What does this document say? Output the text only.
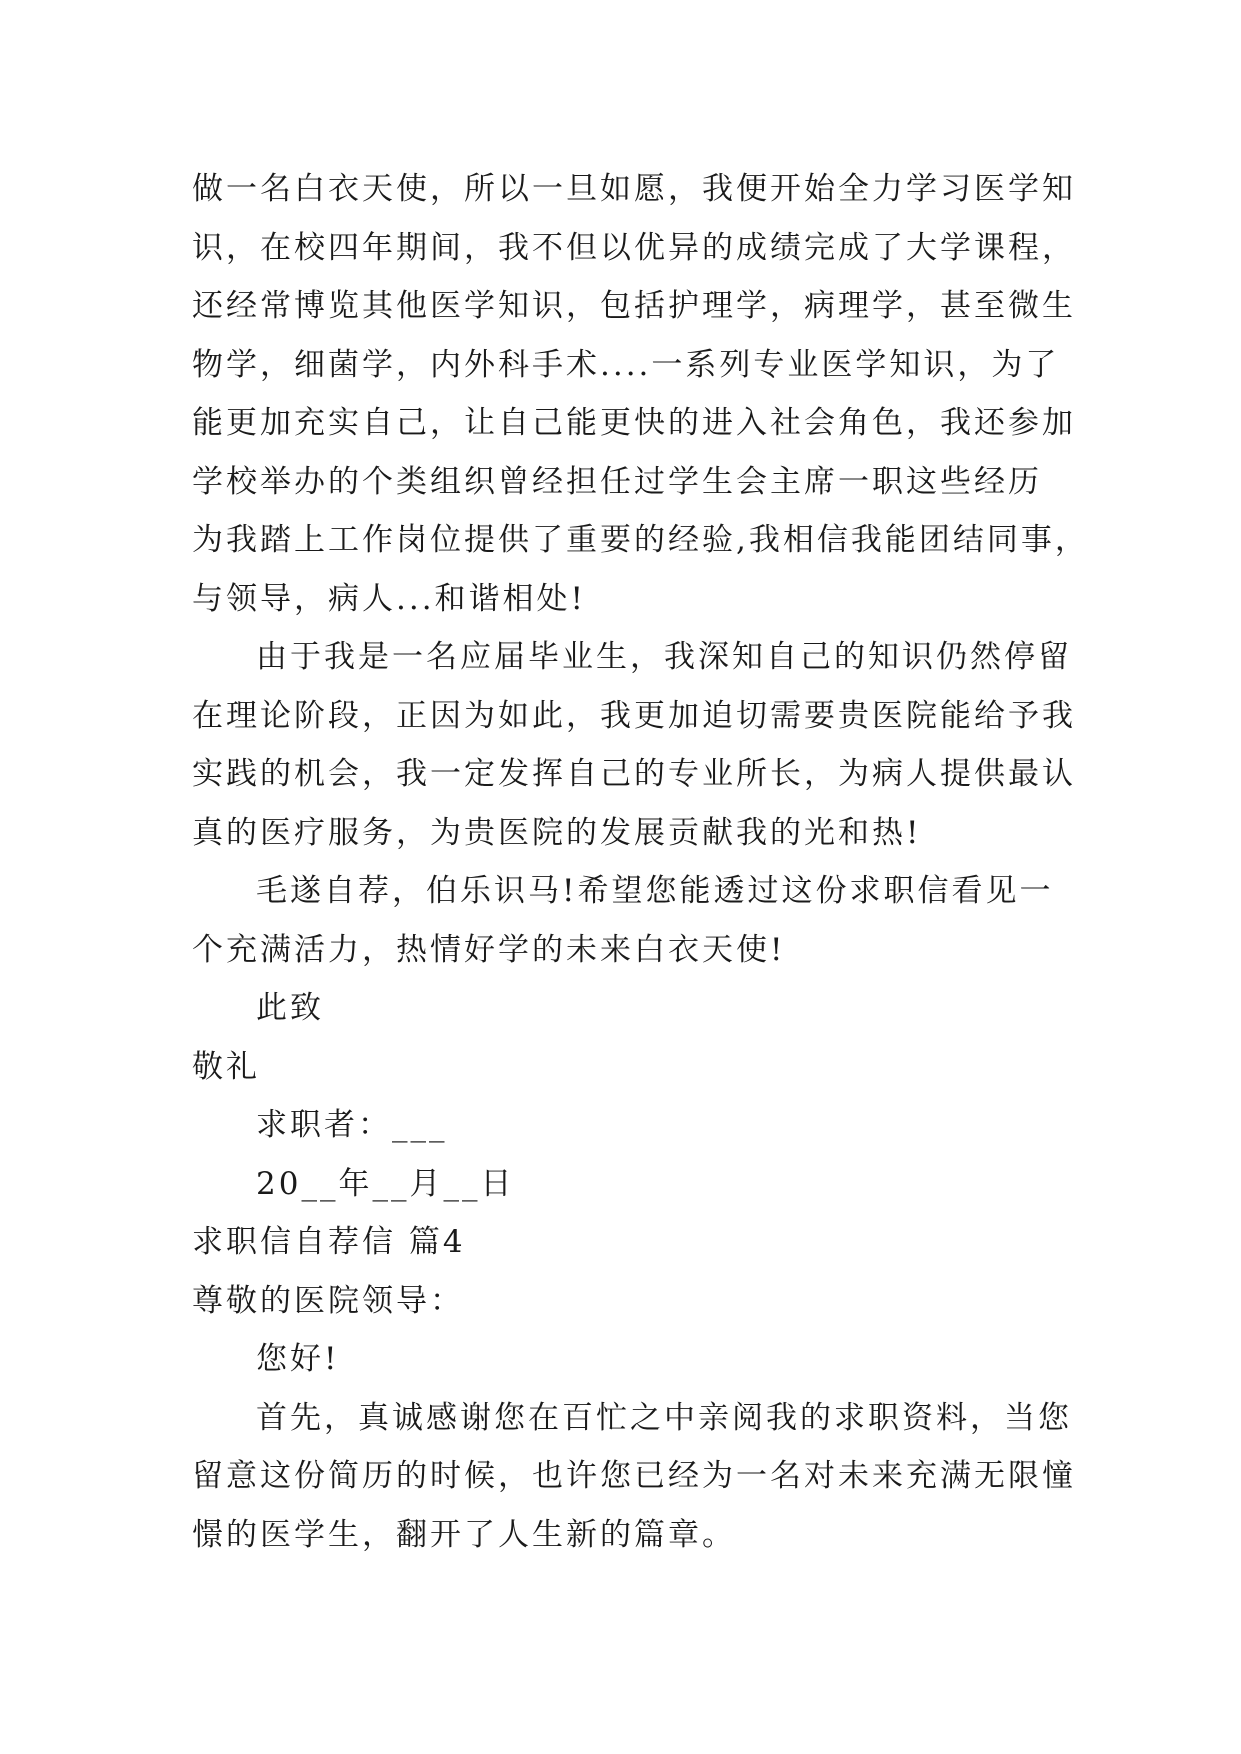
做一名白衣天使，所以一旦如愿，我便开始全力学习医学知
识，在校四年期间，我不但以优异的成绩完成了大学课程，
还经常博览其他医学知识，包括护理学，病理学，甚至微生
物学，细菌学，内外科手术....一系列专业医学知识，为了
能更加充实自己，让自己能更快的进入社会角色，我还参加
学校举办的个类组织曾经担任过学生会主席一职这些经历
为我踏上工作岗位提供了重要的经验,我相信我能团结同事，
与领导，病人...和谐相处!
由于我是一名应届毕业生，我深知自己的知识仍然停留
在理论阶段，正因为如此，我更加迫切需要贵医院能给予我
实践的机会，我一定发挥自己的专业所长，为病人提供最认
真的医疗服务，为贵医院的发展贡献我的光和热!
毛遂自荐，伯乐识马!希望您能透过这份求职信看见一
个充满活力，热情好学的未来白衣天使!
此致
敬礼
求职者：___
20__年__月__日
求职信自荐信 篇4
尊敬的医院领导：
您好!
首先，真诚感谢您在百忙之中亲阅我的求职资料，当您
留意这份简历的时候，也许您已经为一名对未来充满无限憧
憬的医学生，翻开了人生新的篇章。
